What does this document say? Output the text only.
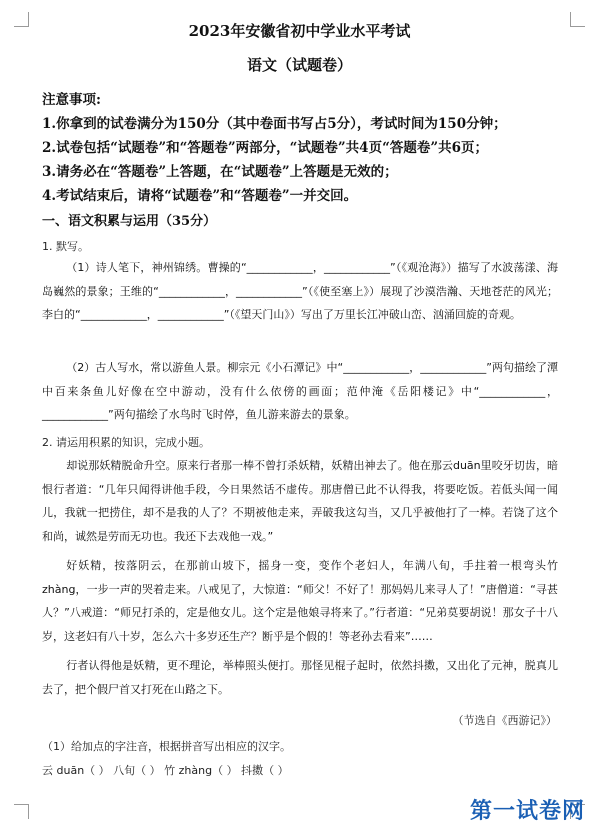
2023年安徽省初中学业水平考试
语文（试题卷）
注意事项:
1.你拿到的试卷满分为150分（其中卷面书写占5分），考试时间为150分钟；
2.试卷包括“试题卷”和“答题卷”两部分，“试题卷”共4页“答题卷”共6页；
3.请务必在“答题卷”上答题，在“试题卷”上答题是无效的；
4.考试结束后，请将“试题卷”和“答题卷”一并交回。
一、语文积累与运用（35分）
1. 默写。
（1）诗人笔下，神州锦绣。曹操的“____________，____________”（《观沧海》）描写了水波荡漾、海岛巍然的景象；王维的“____________，____________”（《使至塞上》）展现了沙漠浩瀚、天地苍茫的风光；李白的“____________，____________”（《望天门山》）写出了万里长江冲破山峦、汹涌回旋的奇观。
（2）古人写水，常以游鱼人景。柳宗元《小石潭记》中“____________，____________”两句描绘了潭中百来条鱼儿好像在空中游动，没有什么依傍的画面；范仲淹《岳阳楼记》中“____________，____________”两句描绘了水鸟时飞时停，鱼儿游来游去的景象。
2. 请运用积累的知识，完成小题。
却说那妖精脱命升空。原来行者那一棒不曾打杀妖精，妖精出神去了。他在那云duān里咬牙切齿，暗恨行者道：“几年只闻得讲他手段，今日果然话不虚传。那唐僧已此不认得我，将要吃饭。若低头闻一闻儿，我就一把捞住，却不是我的人了？不期被他走来，弄破我这勾当，又几乎被他打了一棒。若饶了这个和尚，诚然是劳而无功也。我还下去戏他一戏。”
好妖精，按落阴云，在那前山坡下，摇身一变，变作个老妇人，年满八旬，手拄着一根弯头竹zhàng，一步一声的哭着走来。八戒见了，大惊道：“师父！不好了！那妈妈儿来寻人了！”唐僧道：“寻甚人？”八戒道：“师兄打杀的，定是他女儿。这个定是他娘寻将来了。”行者道：“兄弟莫要胡说！那女子十八岁，这老妇有八十岁，怎么六十多岁还生产？断乎是个假的！等老孙去看来”……
行者认得他是妖精，更不理论，举棒照头便打。那怪见棍子起时，依然抖擞，又出化了元神，脱真儿去了，把个假尸首又打死在山路之下。
（节选自《西游记》）
（1）给加点的字注音，根据拼音写出相应的汉字。
云 duān（ ） 八旬（ ） 竹 zhàng（ ） 抖擞（ ）
第一试卷网
